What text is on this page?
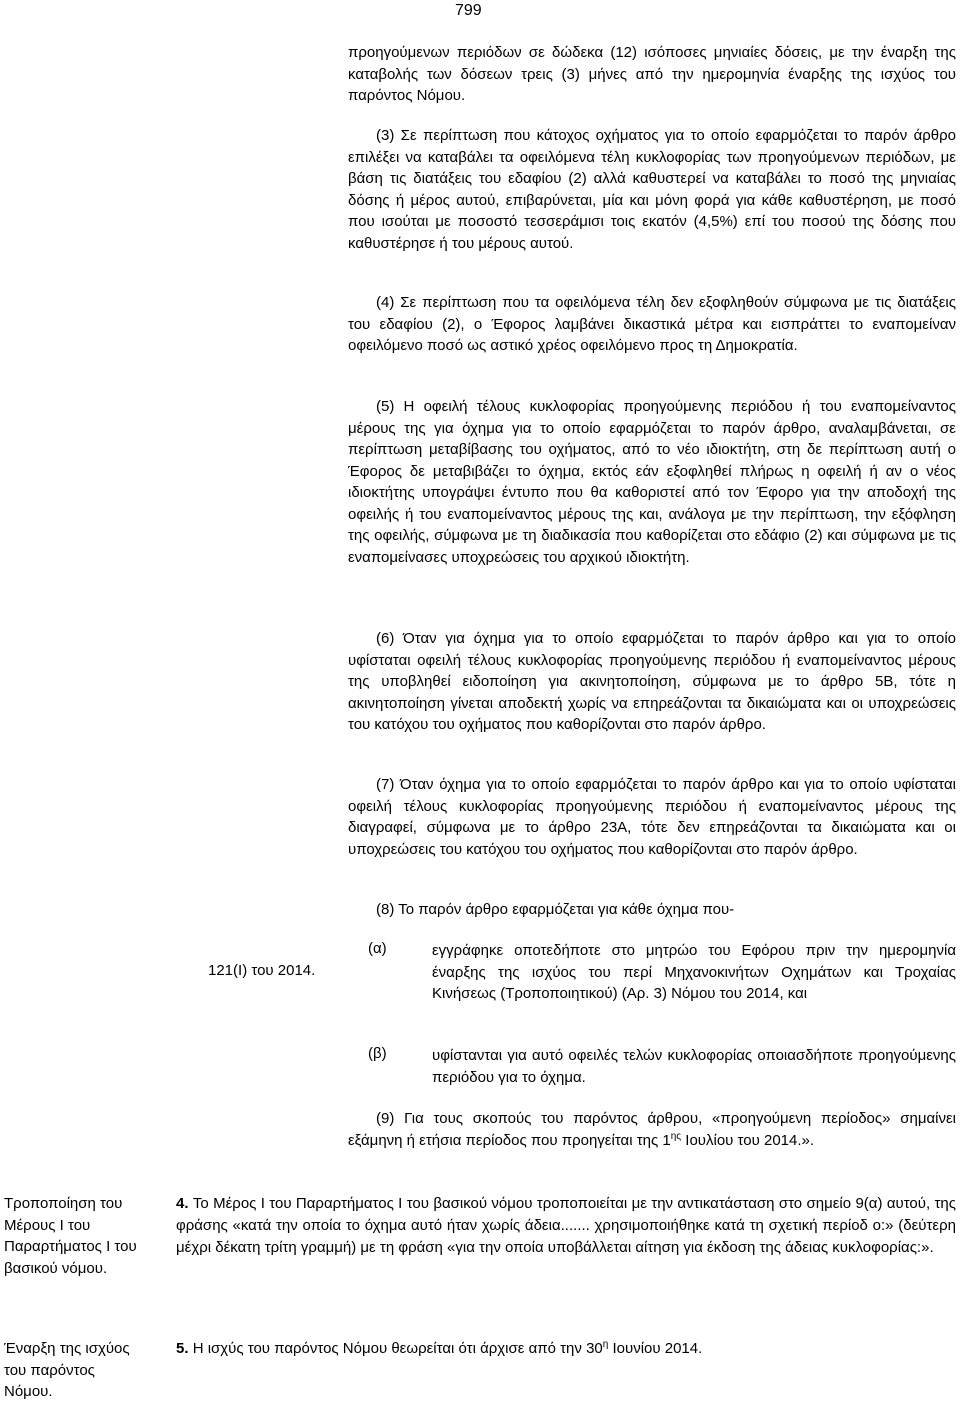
799

προηγούμενων περιόδων σε δώδεκα (12) ισόποσες μηνιαίες δόσεις, με την έναρξη της καταβολής των δόσεων τρεις (3) μήνες από την ημερομηνία έναρξης της ισχύος του παρόντος Νόμου.

(3) Σε περίπτωση που κάτοχος οχήματος για το οποίο εφαρμόζεται το παρόν άρθρο επιλέξει να καταβάλει τα οφειλόμενα τέλη κυκλοφορίας των προηγούμενων περιόδων, με βάση τις διατάξεις του εδαφίου (2) αλλά καθυστερεί να καταβάλει το ποσό της μηνιαίας δόσης ή μέρος αυτού, επιβαρύνεται, μία και μόνη φορά για κάθε καθυστέρηση, με ποσό που ισούται με ποσοστό τεσσεράμισι τοις εκατόν (4,5%) επί του ποσού της δόσης που καθυστέρησε ή του μέρους αυτού.

(4) Σε περίπτωση που τα οφειλόμενα τέλη δεν εξοφληθούν σύμφωνα με τις διατάξεις του εδαφίου (2), ο Έφορος λαμβάνει δικαστικά μέτρα και εισπράττει το εναπομείναν οφειλόμενο ποσό ως αστικό χρέος οφειλόμενο προς τη Δημοκρατία.

(5) Η οφειλή τέλους κυκλοφορίας προηγούμενης περιόδου ή του εναπομείναντος μέρους της για όχημα για το οποίο εφαρμόζεται το παρόν άρθρο, αναλαμβάνεται, σε περίπτωση μεταβίβασης του οχήματος, από το νέο ιδιοκτήτη, στη δε περίπτωση αυτή ο Έφορος δε μεταβιβάζει το όχημα, εκτός εάν εξοφληθεί πλήρως η οφειλή ή αν ο νέος ιδιοκτήτης υπογράψει έντυπο που θα καθοριστεί από τον Έφορο για την αποδοχή της οφειλής ή του εναπομείναντος μέρους της και, ανάλογα με την περίπτωση, την εξόφληση της οφειλής, σύμφωνα με τη διαδικασία που καθορίζεται στο εδάφιο (2) και σύμφωνα με τις εναπομείνασες υποχρεώσεις του αρχικού ιδιοκτήτη.

(6) Όταν για όχημα για το οποίο εφαρμόζεται το παρόν άρθρο και για το οποίο υφίσταται οφειλή τέλους κυκλοφορίας προηγούμενης περιόδου ή εναπομείναντος μέρους της υποβληθεί ειδοποίηση για ακινητοποίηση, σύμφωνα με το άρθρο 5Β, τότε η ακινητοποίηση γίνεται αποδεκτή χωρίς να επηρεάζονται τα δικαιώματα και οι υποχρεώσεις του κατόχου του οχήματος που καθορίζονται στο παρόν άρθρο.

(7) Όταν όχημα για το οποίο εφαρμόζεται το παρόν άρθρο και για το οποίο υφίσταται οφειλή τέλους κυκλοφορίας προηγούμενης περιόδου ή εναπομείναντος μέρους της διαγραφεί, σύμφωνα με το άρθρο 23Α, τότε δεν επηρεάζονται τα δικαιώματα και οι υποχρεώσεις του κατόχου του οχήματος που καθορίζονται στο παρόν άρθρο.

(8) Το παρόν άρθρο εφαρμόζεται για κάθε όχημα που-

121(I) του 2014.
(α)	εγγράφηκε οποτεδήποτε στο μητρώο του Εφόρου πριν την ημερομηνία έναρξης της ισχύος του περί Μηχανοκινήτων Οχημάτων και Τροχαίας Κινήσεως (Τροποποιητικού) (Αρ. 3) Νόμου του 2014, και

(β)	υφίστανται για αυτό οφειλές τελών κυκλοφορίας οποιασδήποτε προηγούμενης περιόδου για το όχημα.

(9) Για τους σκοπούς του παρόντος άρθρου, «προηγούμενη περίοδος» σημαίνει εξάμηνη ή ετήσια περίοδος που προηγείται της $1^{\eta\varsigma}$ Ιουλίου του 2014.».

Τροποποίηση του Μέρους Ι του Παραρτήματος Ι του βασικού νόμου.

4. Το Μέρος Ι του Παραρτήματος Ι του βασικού νόμου τροποποιείται με την αντικατάσταση στο σημείο 9(α) αυτού, της φράσης «κατά την οποία το όχημα αυτό ήταν χωρίς άδεια....... χρησιμοποιήθηκε κατά τη σχετική περίοδ ο:» (δεύτερη μέχρι δέκατη τρίτη γραμμή) με τη φράση «για την οποία υποβάλλεται αίτηση για έκδοση της άδειας κυκλοφορίας:».

Έναρξη της ισχύος του παρόντος Νόμου.

5. Η ισχύς του παρόντος Νόμου θεωρείται ότι άρχισε από την $30^\eta$ Ιουνίου 2014.
